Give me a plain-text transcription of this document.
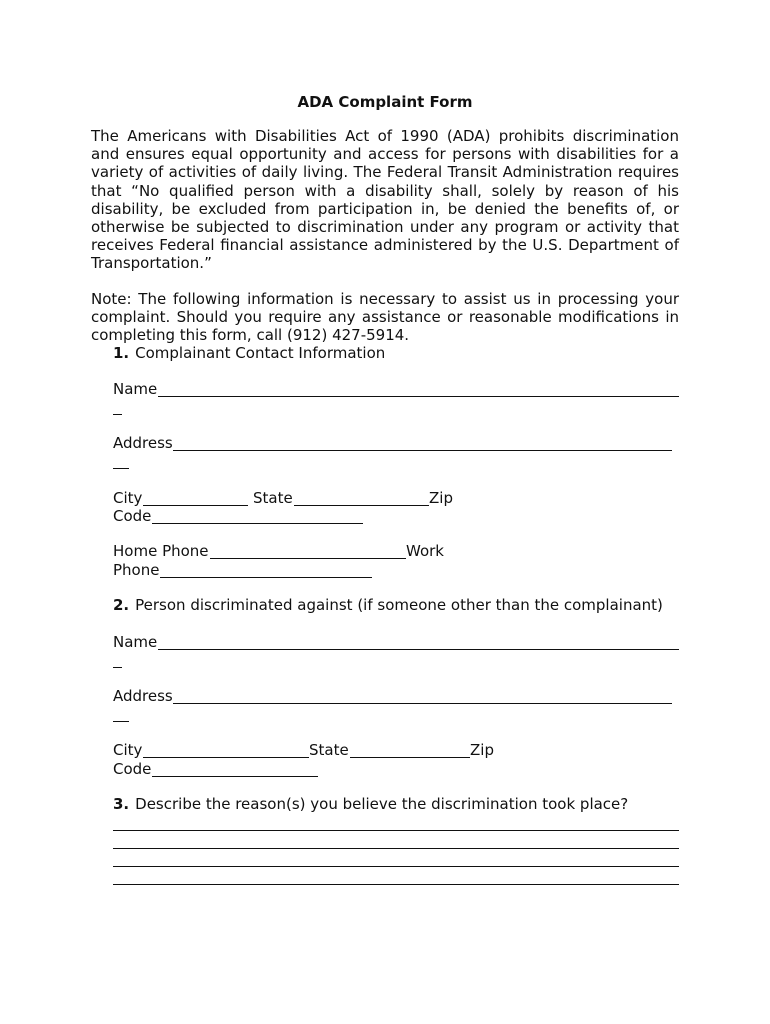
ADA Complaint Form
The Americans with Disabilities Act of 1990 (ADA) prohibits discrimination and ensures equal opportunity and access for persons with disabilities for a variety of activities of daily living. The Federal Transit Administration requires that “No qualified person with a disability shall, solely by reason of his disability, be excluded from participation in, be denied the benefits of, or otherwise be subjected to discrimination under any program or activity that receives Federal financial assistance administered by the U.S. Department of Transportation.”
Note: The following information is necessary to assist us in processing your complaint. Should you require any assistance or reasonable modifications in completing this form, call (912) 427-5914.
1. Complainant Contact Information
Name
Address
City	State	Zip
Code
Home Phone	Work
Phone
2. Person discriminated against (if someone other than the complainant)
Name
Address
City	State	Zip
Code
3. Describe the reason(s) you believe the discrimination took place?
